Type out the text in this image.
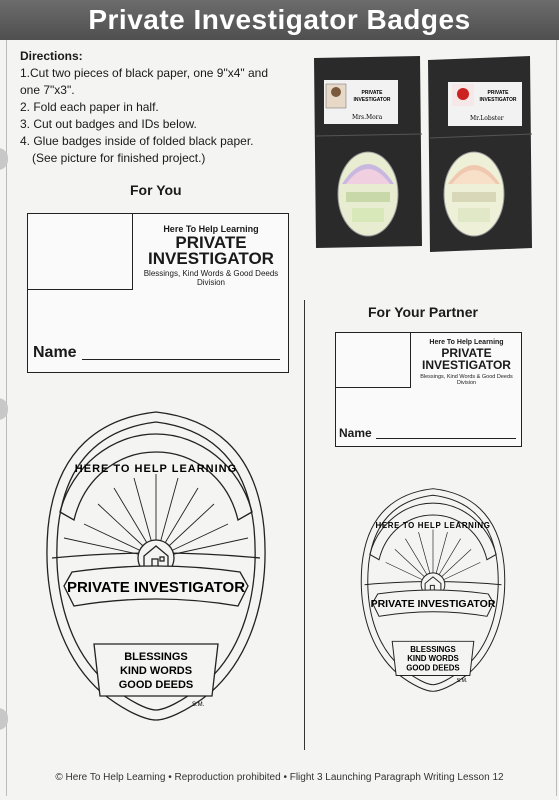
Private Investigator Badges
Directions:
1.Cut two pieces of black paper, one 9"x4" and
one 7"x3".
2. Fold each paper in half.
3. Cut out badges and IDs below.
4. Glue badges inside of folded black paper.
(See picture for finished project.)
PRIVATE
INVESTIGATOR
Mrs.Mora
PRIVATE
INVESTIGATOR
Mr.Lobster
For You
Here To Help Learning
PRIVATE
INVESTIGATOR
Blessings, Kind Words & Good Deeds Division
Name
HERE TO HELP LEARNING
PRIVATE INVESTIGATOR
BLESSINGS
KIND WORDS
GOOD DEEDS
S.M.
For Your Partner
Here To Help Learning
PRIVATE
INVESTIGATOR
Blessings, Kind Words & Good Deeds Division
Name
HERE TO HELP LEARNING
PRIVATE INVESTIGATOR
BLESSINGS
KIND WORDS
GOOD DEEDS
S.M.
© Here To Help Learning • Reproduction prohibited • Flight 3 Launching Paragraph Writing Lesson 12
